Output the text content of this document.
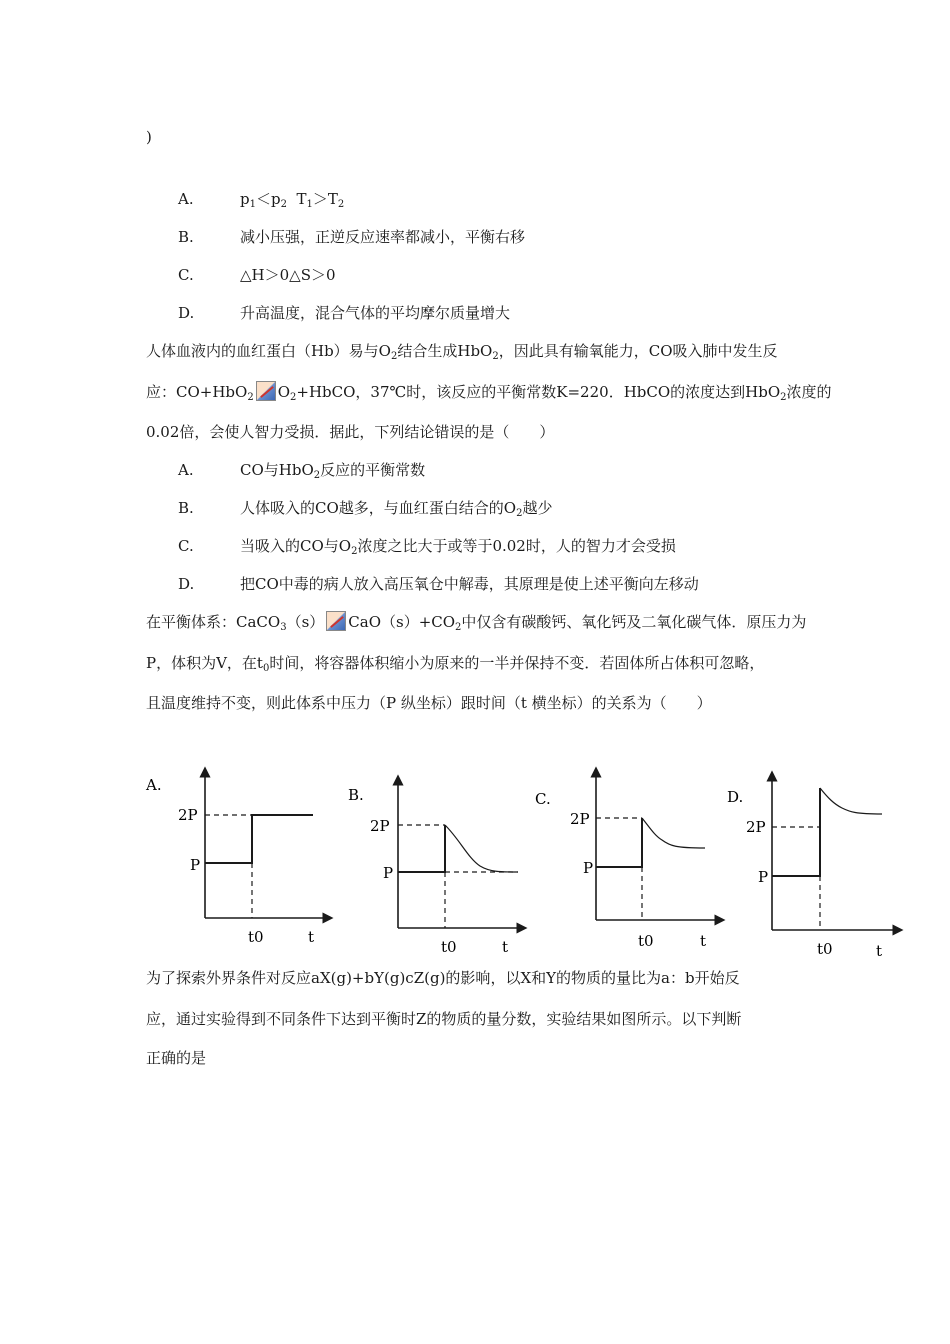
)
A.	$p_1<p_2$  $T_1>T_2$
B.	减小压强，正逆反应速率都减小，平衡右移
C.	△H＞0△S＞0
D.	升高温度，混合气体的平均摩尔质量增大
人体血液内的血红蛋白（Hb）易与$O_2$结合生成HbO$_2$，因此具有输氧能力，CO吸入肺中发生反
应：CO+HbO$_2$ $O_2+HbCO$，37℃时，该反应的平衡常数K=220．HbCO的浓度达到HbO$_2$浓度的
0.02倍，会使人智力受损．据此，下列结论错误的是（　　）
A.	CO与HbO$_2$反应的平衡常数
B.	人体吸入的CO越多，与血红蛋白结合的$O_2$越少
C.	当吸入的CO与$O_2$浓度之比大于或等于0.02时，人的智力才会受损
D.	把CO中毒的病人放入高压氧仓中解毒，其原理是使上述平衡向左移动
在平衡体系：CaCO$_3$（s） $CaO(s)+CO_2$中仅含有碳酸钙、氧化钙及二氧化碳气体．原压力为
P，体积为V，在$t_0$时间，将容器体积缩小为原来的一半并保持不变．若固体所占体积可忽略，
且温度维持不变，则此体系中压力（P 纵坐标）跟时间（t 横坐标）的关系为（　　）
A.
2P
P
t0	t
B.
2P
P
t0	t
C.
2P
P
t0	t
D.
2P
P
t0	t
为了探索外界条件对反应aX(g)+bY(g)cZ(g)的影响，以X和Y的物质的量比为a：b开始反
应，通过实验得到不同条件下达到平衡时Z的物质的量分数，实验结果如图所示。以下判断
正确的是
